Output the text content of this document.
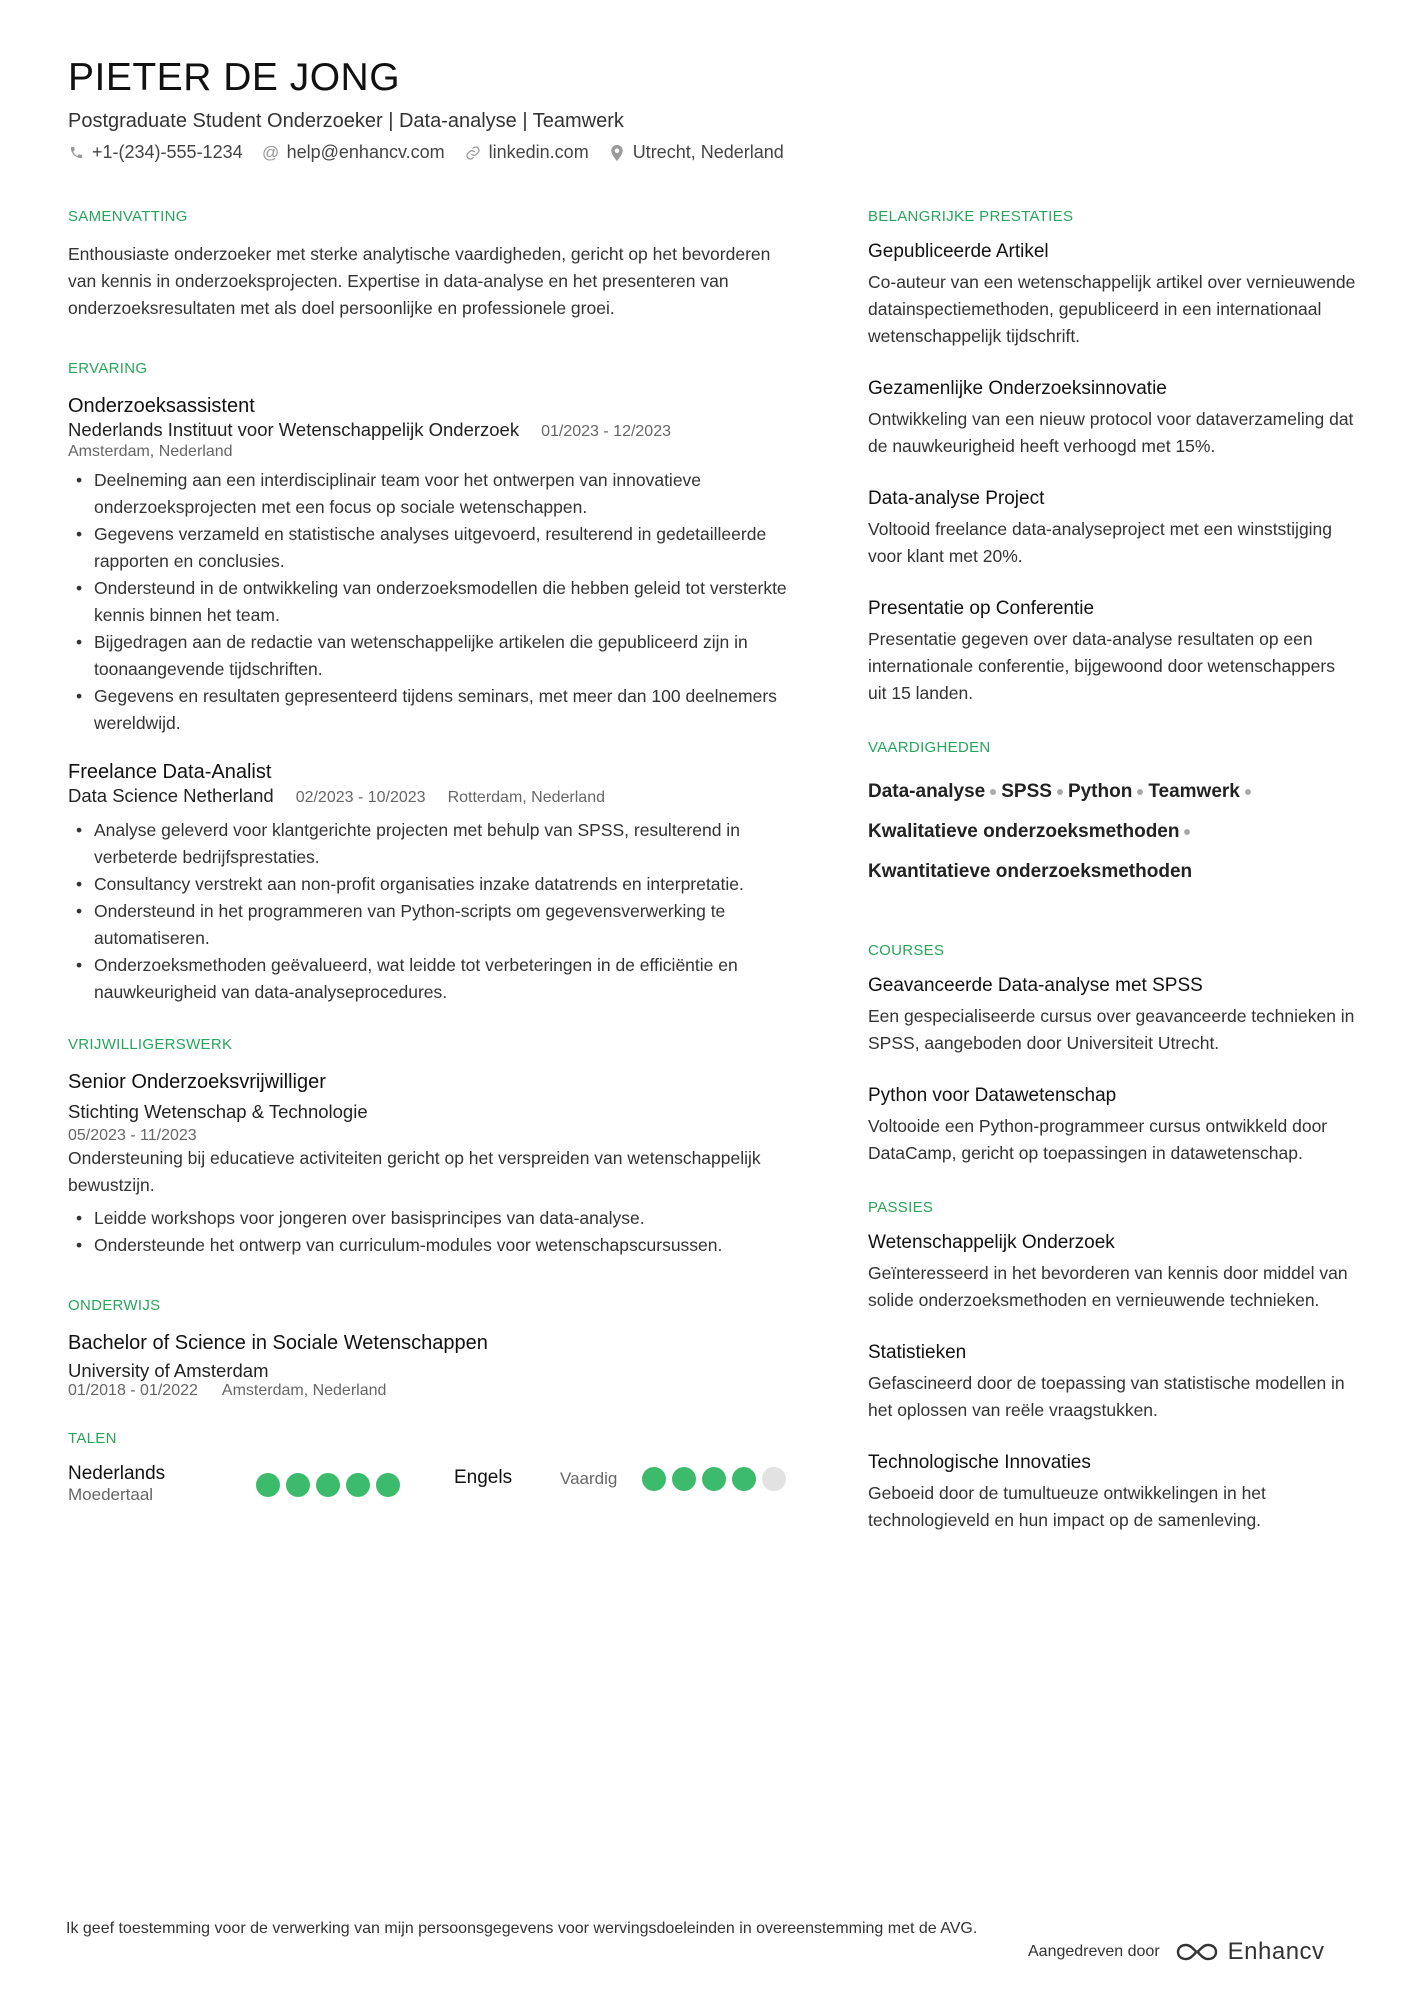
PIETER DE JONG
Postgraduate Student Onderzoeker | Data-analyse | Teamwerk
+1-(234)-555-1234 @ help@enhancv.com linkedin.com Utrecht, Nederland
SAMENVATTING
Enthousiaste onderzoeker met sterke analytische vaardigheden, gericht op het bevorderen van kennis in onderzoeksprojecten. Expertise in data-analyse en het presenteren van onderzoeksresultaten met als doel persoonlijke en professionele groei.
ERVARING
Onderzoeksassistent
Nederlands Instituut voor Wetenschappelijk Onderzoek 01/2023 - 12/2023
Amsterdam, Nederland
• Deelneming aan een interdisciplinair team voor het ontwerpen van innovatieve onderzoeksprojecten met een focus op sociale wetenschappen.
• Gegevens verzameld en statistische analyses uitgevoerd, resulterend in gedetailleerde rapporten en conclusies.
• Ondersteund in de ontwikkeling van onderzoeksmodellen die hebben geleid tot versterkte kennis binnen het team.
• Bijgedragen aan de redactie van wetenschappelijke artikelen die gepubliceerd zijn in toonaangevende tijdschriften.
• Gegevens en resultaten gepresenteerd tijdens seminars, met meer dan 100 deelnemers wereldwijd.
Freelance Data-Analist
Data Science Netherland 02/2023 - 10/2023 Rotterdam, Nederland
• Analyse geleverd voor klantgerichte projecten met behulp van SPSS, resulterend in verbeterde bedrijfsprestaties.
• Consultancy verstrekt aan non-profit organisaties inzake datatrends en interpretatie.
• Ondersteund in het programmeren van Python-scripts om gegevensverwerking te automatiseren.
• Onderzoeksmethoden geëvalueerd, wat leidde tot verbeteringen in de efficiëntie en nauwkeurigheid van data-analyseprocedures.
VRIJWILLIGERSWERK
Senior Onderzoeksvrijwilliger
Stichting Wetenschap & Technologie
05/2023 - 11/2023
Ondersteuning bij educatieve activiteiten gericht op het verspreiden van wetenschappelijk bewustzijn.
• Leidde workshops voor jongeren over basisprincipes van data-analyse.
• Ondersteunde het ontwerp van curriculum-modules voor wetenschapscursussen.
ONDERWIJS
Bachelor of Science in Sociale Wetenschappen
University of Amsterdam
01/2018 - 01/2022 Amsterdam, Nederland
TALEN
Nederlands
Moedertaal
Engels	Vaardig
BELANGRIJKE PRESTATIES
Gepubliceerde Artikel
Co-auteur van een wetenschappelijk artikel over vernieuwende datainspectiemethoden, gepubliceerd in een internationaal wetenschappelijk tijdschrift.
Gezamenlijke Onderzoeksinnovatie
Ontwikkeling van een nieuw protocol voor dataverzameling dat de nauwkeurigheid heeft verhoogd met 15%.
Data-analyse Project
Voltooid freelance data-analyseproject met een winststijging voor klant met 20%.
Presentatie op Conferentie
Presentatie gegeven over data-analyse resultaten op een internationale conferentie, bijgewoond door wetenschappers uit 15 landen.
VAARDIGHEDEN
Data-analyse SPSS Python Teamwerk
Kwalitatieve onderzoeksmethoden
Kwantitatieve onderzoeksmethoden
COURSES
Geavanceerde Data-analyse met SPSS
Een gespecialiseerde cursus over geavanceerde technieken in SPSS, aangeboden door Universiteit Utrecht.
Python voor Datawetenschap
Voltooide een Python-programmeer cursus ontwikkeld door DataCamp, gericht op toepassingen in datawetenschap.
PASSIES
Wetenschappelijk Onderzoek
Geïnteresseerd in het bevorderen van kennis door middel van solide onderzoeksmethoden en vernieuwende technieken.
Statistieken
Gefascineerd door de toepassing van statistische modellen in het oplossen van reële vraagstukken.
Technologische Innovaties
Geboeid door de tumultueuze ontwikkelingen in het technologieveld en hun impact op de samenleving.
Ik geef toestemming voor de verwerking van mijn persoonsgegevens voor wervingsdoeleinden in overeenstemming met de AVG.
Aangedreven door	Enhancv
